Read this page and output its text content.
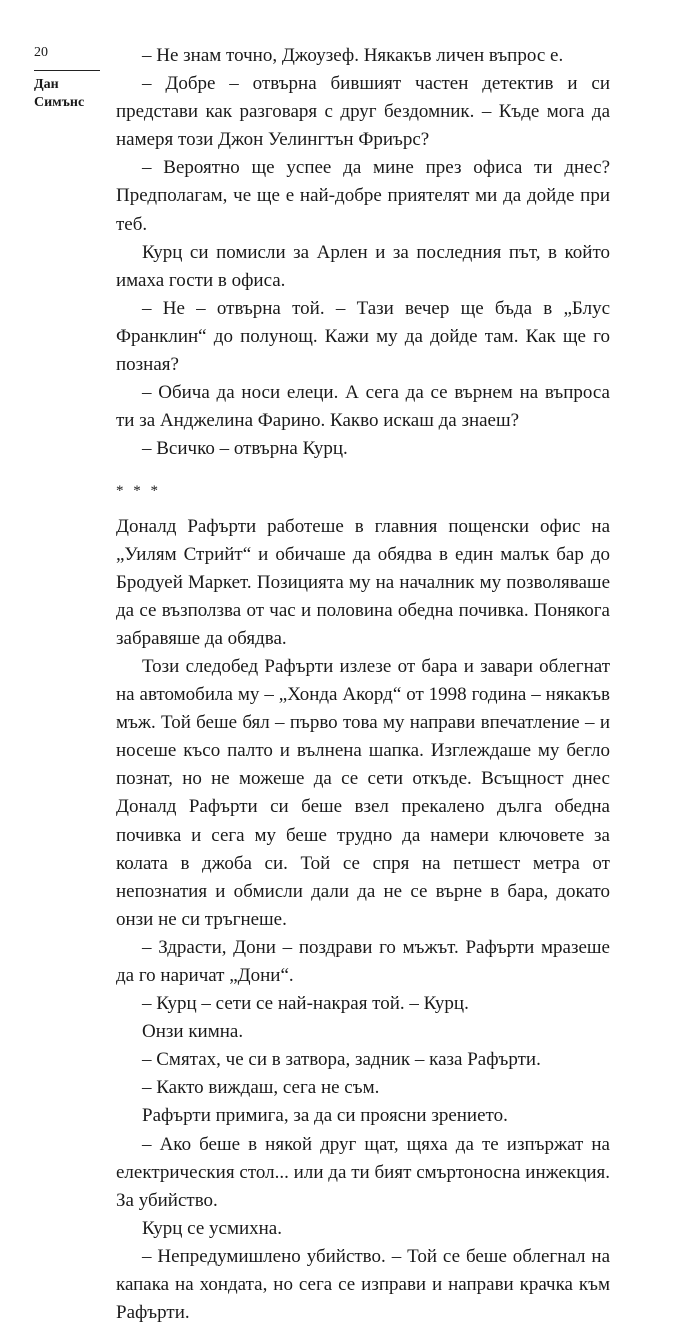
20
Дан
Симънс

– Не знам точно, Джоузеф. Някакъв личен въпрос е.

– Добре – отвърна бившият частен детектив и си представи как разговаря с друг бездомник. – Къде мога да намеря този Джон Уелингтън Фриърс?

– Вероятно ще успее да мине през офиса ти днес? Предполагам, че ще е най-добре приятелят ми да дойде при теб.

Курц си помисли за Арлен и за последния път, в който имаха гости в офиса.

– Не – отвърна той. – Тази вечер ще бъда в „Блус Франклин“ до полунощ. Кажи му да дойде там. Как ще го позная?

– Обича да носи елеци. А сега да се върнем на въпроса ти за Анджелина Фарино. Какво искаш да знаеш?

– Всичко – отвърна Курц.

* * *

Доналд Рафърти работеше в главния пощенски офис на „Уилям Стрийт“ и обичаше да обядва в един малък бар до Бродуей Маркет. Позицията му на началник му позволяваше да се възползва от час и половина обедна почивка. Понякога забравяше да обядва.

Този следобед Рафърти излезе от бара и завари облегнат на автомобила му – „Хонда Акорд“ от 1998 година – някакъв мъж. Той беше бял – първо това му направи впечатление – и носеше късо палто и вълнена шапка. Изглеждаше му бегло познат, но не можеше да се сети откъде. Всъщност днес Доналд Рафърти си беше взел прекалено дълга обедна почивка и сега му беше трудно да намери ключовете за колата в джоба си. Той се спря на петшест метра от непознатия и обмисли дали да не се върне в бара, докато онзи не си тръгнеше.

– Здрасти, Дони – поздрави го мъжът. Рафърти мразеше да го наричат „Дони“.

– Курц – сети се най-накрая той. – Курц.

Онзи кимна.

– Смятах, че си в затвора, задник – каза Рафърти.

– Както виждаш, сега не съм.

Рафърти примига, за да си проясни зрението.

– Ако беше в някой друг щат, щяха да те изпържат на електрическия стол... или да ти бият смъртоносна инжекция. За убийство.

Курц се усмихна.

– Непредумишлено убийство. – Той се беше облегнал на капака на хондата, но сега се изправи и направи крачка към Рафърти.
